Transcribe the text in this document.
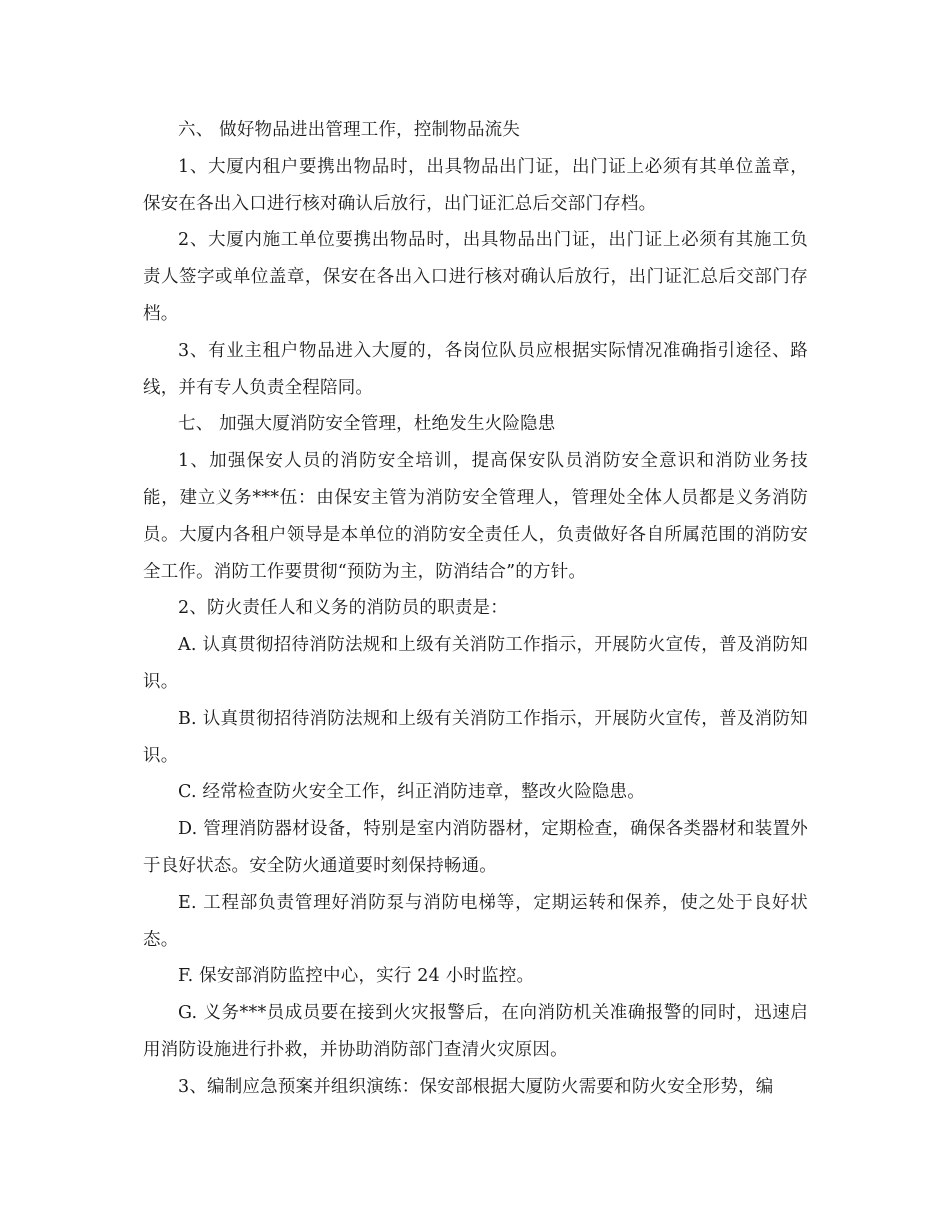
六、 做好物品进出管理工作，控制物品流失

1、大厦内租户要携出物品时，出具物品出门证，出门证上必须有其单位盖章，保安在各出入口进行核对确认后放行，出门证汇总后交部门存档。

2、大厦内施工单位要携出物品时，出具物品出门证，出门证上必须有其施工负责人签字或单位盖章，保安在各出入口进行核对确认后放行，出门证汇总后交部门存档。

3、有业主租户物品进入大厦的，各岗位队员应根据实际情况准确指引途径、路线，并有专人负责全程陪同。

七、 加强大厦消防安全管理，杜绝发生火险隐患

1、加强保安人员的消防安全培训，提高保安队员消防安全意识和消防业务技能，建立义务***伍：由保安主管为消防安全管理人，管理处全体人员都是义务消防员。大厦内各租户领导是本单位的消防安全责任人，负责做好各自所属范围的消防安全工作。消防工作要贯彻“预防为主，防消结合”的方针。

2、防火责任人和义务的消防员的职责是：

A. 认真贯彻招待消防法规和上级有关消防工作指示，开展防火宣传，普及消防知识。

B. 认真贯彻招待消防法规和上级有关消防工作指示，开展防火宣传，普及消防知识。

C. 经常检查防火安全工作，纠正消防违章，整改火险隐患。

D. 管理消防器材设备，特别是室内消防器材，定期检查，确保各类器材和装置外于良好状态。安全防火通道要时刻保持畅通。

E. 工程部负责管理好消防泵与消防电梯等，定期运转和保养，使之处于良好状态。

F. 保安部消防监控中心，实行 24 小时监控。

G. 义务***员成员要在接到火灾报警后，在向消防机关准确报警的同时，迅速启用消防设施进行扑救，并协助消防部门查清火灾原因。

3、编制应急预案并组织演练：保安部根据大厦防火需要和防火安全形势，编
